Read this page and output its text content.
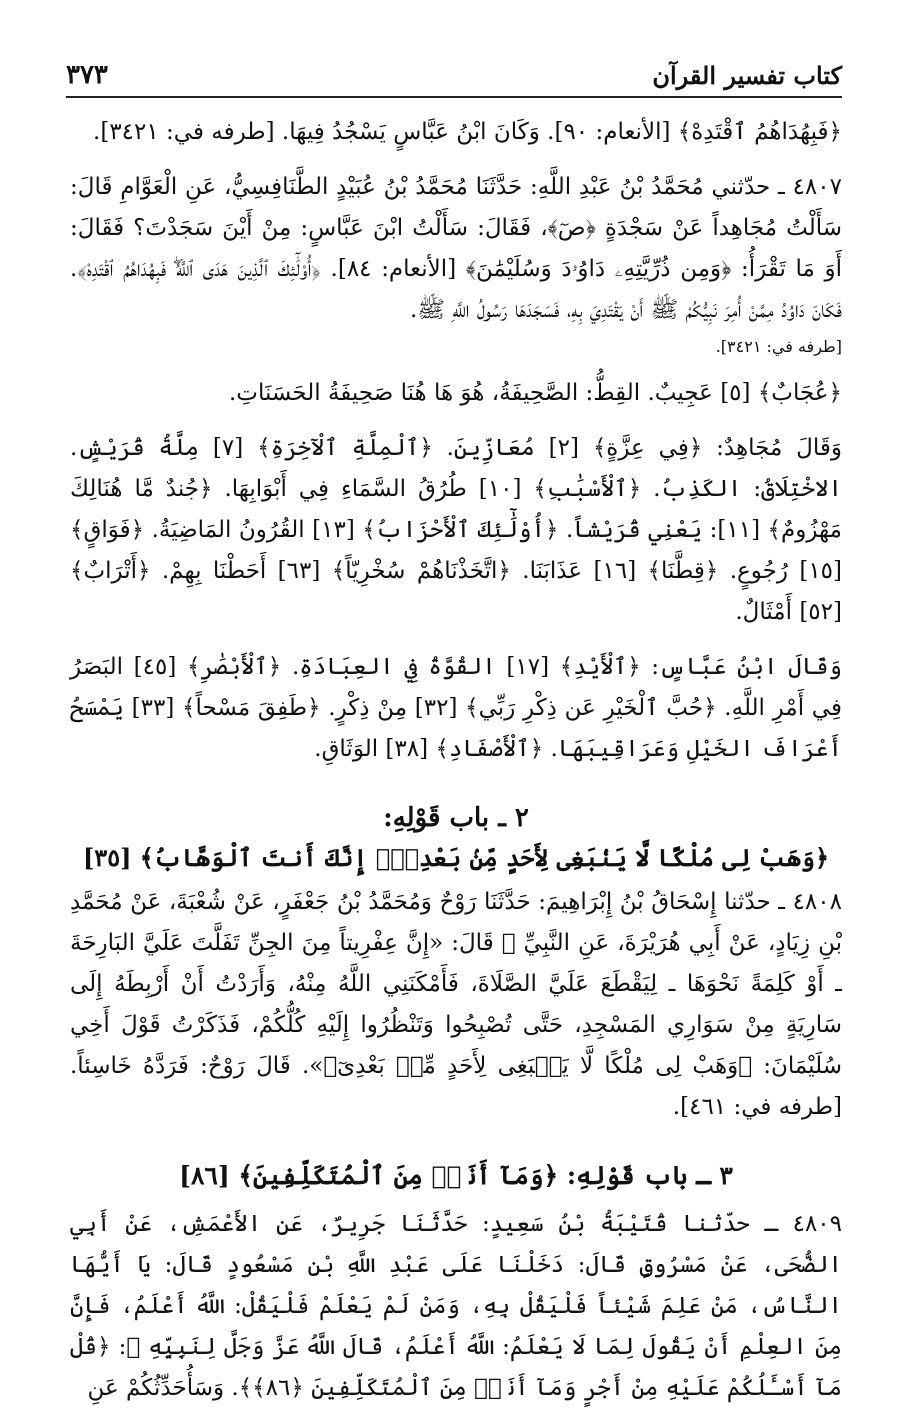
كتاب تفسير القرآن
٣٧٣

﴿فَبِهُدَاهُمُ ٱقْتَدِهْ﴾ [الأنعام: ٩٠]. وَكَانَ ابْنُ عَبَّاسٍ يَسْجُدُ فِيهَا. [طرفه في: ٣٤٢١].

٤٨٠٧ ـ حدّثني مُحَمَّدُ بْنُ عَبْدِ اللَّهِ: حَدَّثَنَا مُحَمَّدُ بْنُ عُبَيْدٍ الطَّنَافِسِيُّ، عَنِ الْعَوَّامِ قَالَ: سَأَلْتُ مُجَاهِداً عَنْ سَجْدَةٍ ﴿صٓ﴾، فَقَالَ: سَأَلْتُ ابْنَ عَبَّاسٍ: مِنْ أَيْنَ سَجَدْتَ؟ فَقَالَ: أَوَ مَا تَقْرَأُ: ﴿وَمِن ذُرِّيَّتِهِۦ دَاوُۥدَ وَسُلَيْمَٰنَ﴾ [الأنعام: ٨٤]. ﴿أُوْلَٰٓئِكَ ٱلَّذِينَ هَدَى ٱللَّهُۖ فَبِهُدَاهُمُ ٱقْتَدِهْ﴾. فَكَانَ دَاوُدُ مِمَّنْ أُمِرَ نَبِيُّكُمْ ﷺ أَنْ يَقْتَدِيَ بِهِ، فَسَجَدَهَا رَسُولُ اللَّهِ ﷺ.

[طرفه في: ٣٤٢١].

﴿عُجَابٌ﴾ [٥] عَجِيبٌ. القِطُّ: الصَّحِيفَةُ، هُوَ هَا هُنَا صَحِيفَةُ الحَسَنَاتِ.

وَقَالَ مُجَاهِدٌ: ﴿فِي عِزَّةٍ﴾ [٢] مُعَازِّينَ. ﴿ٱلْمِلَّةِ ٱلْآخِرَةِ﴾ [٧] مِلَّةُ قُرَيْشٍ. الاخْتِلَاقُ: الكَذِبُ. ﴿ٱلْأَسْبَٰبِ﴾ [١٠] طُرُقُ السَّمَاءِ فِي أَبْوَابِهَا. ﴿جُندٌ مَّا هُنَالِكَ مَهْزُومٌ﴾ [١١]: يَعْنِي قُرَيْشاً. ﴿أُوْلَٰٓئِكَ ٱلْأَحْزَابُ﴾ [١٣] القُرُونُ المَاضِيَةُ. ﴿فَوَاقٍ﴾ [١٥] رُجُوعٍ. ﴿قِطَّنَا﴾ [١٦] عَذَابَنَا. ﴿اتَّخَذْنَاهُمْ سُخْرِيّاً﴾ [٦٣] أَحَطْنَا بِهِمْ. ﴿أَتْرَابٌ﴾ [٥٢] أَمْثَالٌ.

وَقَالَ ابْنُ عَبَّاسٍ: ﴿ٱلْأَيْدِ﴾ [١٧] القُوَّةُ فِي العِبَادَةِ. ﴿ٱلْأَبْصَٰرِ﴾ [٤٥] البَصَرُ فِي أَمْرِ اللَّهِ. ﴿حُبَّ ٱلْخَيْرِ عَن ذِكْرِ رَبِّي﴾ [٣٢] مِنْ ذِكْرٍ. ﴿طَفِقَ مَسْحاً﴾ [٣٣] يَمْسَحُ أَعْرَافَ الخَيْلِ وَعَرَاقِيبَهَا. ﴿ٱلْأَصْفَادِ﴾ [٣٨] الوَثَاقِ.

٢ ـ باب قَوْلِهِ:
﴿وَهَبْ لِى مُلْكًا لَّا يَنۢبَغِى لِأَحَدٍ مِّنۢ بَعْدِىٓۖ إِنَّكَ أَنتَ ٱلْوَهَّابُ﴾ [٣٥]

٤٨٠٨ ـ حدّثنا إِسْحَاقُ بْنُ إِبْرَاهِيمَ: حَدَّثَنَا رَوْحٌ وَمُحَمَّدُ بْنُ جَعْفَرٍ، عَنْ شُعْبَةَ، عَنْ مُحَمَّدِ بْنِ زِيَادٍ، عَنْ أَبِي هُرَيْرَةَ، عَنِ النَّبِيِّ ﷺ قَالَ: «إِنَّ عِفْرِيتاً مِنَ الجِنِّ تَفَلَّتَ عَلَيَّ البَارِحَةَ ـ أَوْ كَلِمَةً نَحْوَهَا ـ لِيَقْطَعَ عَلَيَّ الصَّلَاةَ، فَأَمْكَنَنِي اللَّهُ مِنْهُ، وَأَرَدْتُ أَنْ أَرْبِطَهُ إِلَى سَارِيَةٍ مِنْ سَوَارِي المَسْجِدِ، حَتَّى تُصْبِحُوا وَتَنْظُرُوا إِلَيْهِ كُلُّكُمْ، فَذَكَرْتُ قَوْلَ أَخِي سُلَيْمَانَ: ﴿وَهَبْ لِى مُلْكًا لَّا يَنۢبَغِى لِأَحَدٍ مِّنۢ بَعْدِىٓ﴾». قَالَ رَوْحٌ: فَرَدَّهُ خَاسِئاً. [طرفه في: ٤٦١].

٣ ـ باب قَوْلِهِ: ﴿وَمَآ أَنَا۠ مِنَ ٱلْمُتَكَلِّفِينَ﴾ [٨٦]

٤٨٠٩ ـ حدّثنا قُتَيْبَةُ بْنُ سَعِيدٍ: حَدَّثَنَا جَرِيرٌ، عَنِ الأَعْمَشِ، عَنْ أَبِي الضُّحَى، عَنْ مَسْرُوقٍ قَالَ: دَخَلْنَا عَلَى عَبْدِ اللَّهِ بْنِ مَسْعُودٍ قَالَ: يَا أَيُّهَا النَّاسُ، مَنْ عَلِمَ شَيْئاً فَلْيَقُلْ بِهِ، وَمَنْ لَمْ يَعْلَمْ فَلْيَقُلْ: اللَّهُ أَعْلَمُ، فَإِنَّ مِنَ العِلْمِ أَنْ يَقُولَ لِمَا لَا يَعْلَمُ: اللَّهُ أَعْلَمُ، قَالَ اللَّهُ عَزَّ وَجَلَّ لِنَبِيِّهِ ﷺ: ﴿قُلْ مَآ أَسْـَٔلُكُمْ عَلَيْهِ مِنْ أَجْرٍ وَمَآ أَنَا۠ مِنَ ٱلْمُتَكَلِّفِينَ ﴿٨٦﴾﴾. وَسَأُحَدِّثُكُمْ عَنِ
